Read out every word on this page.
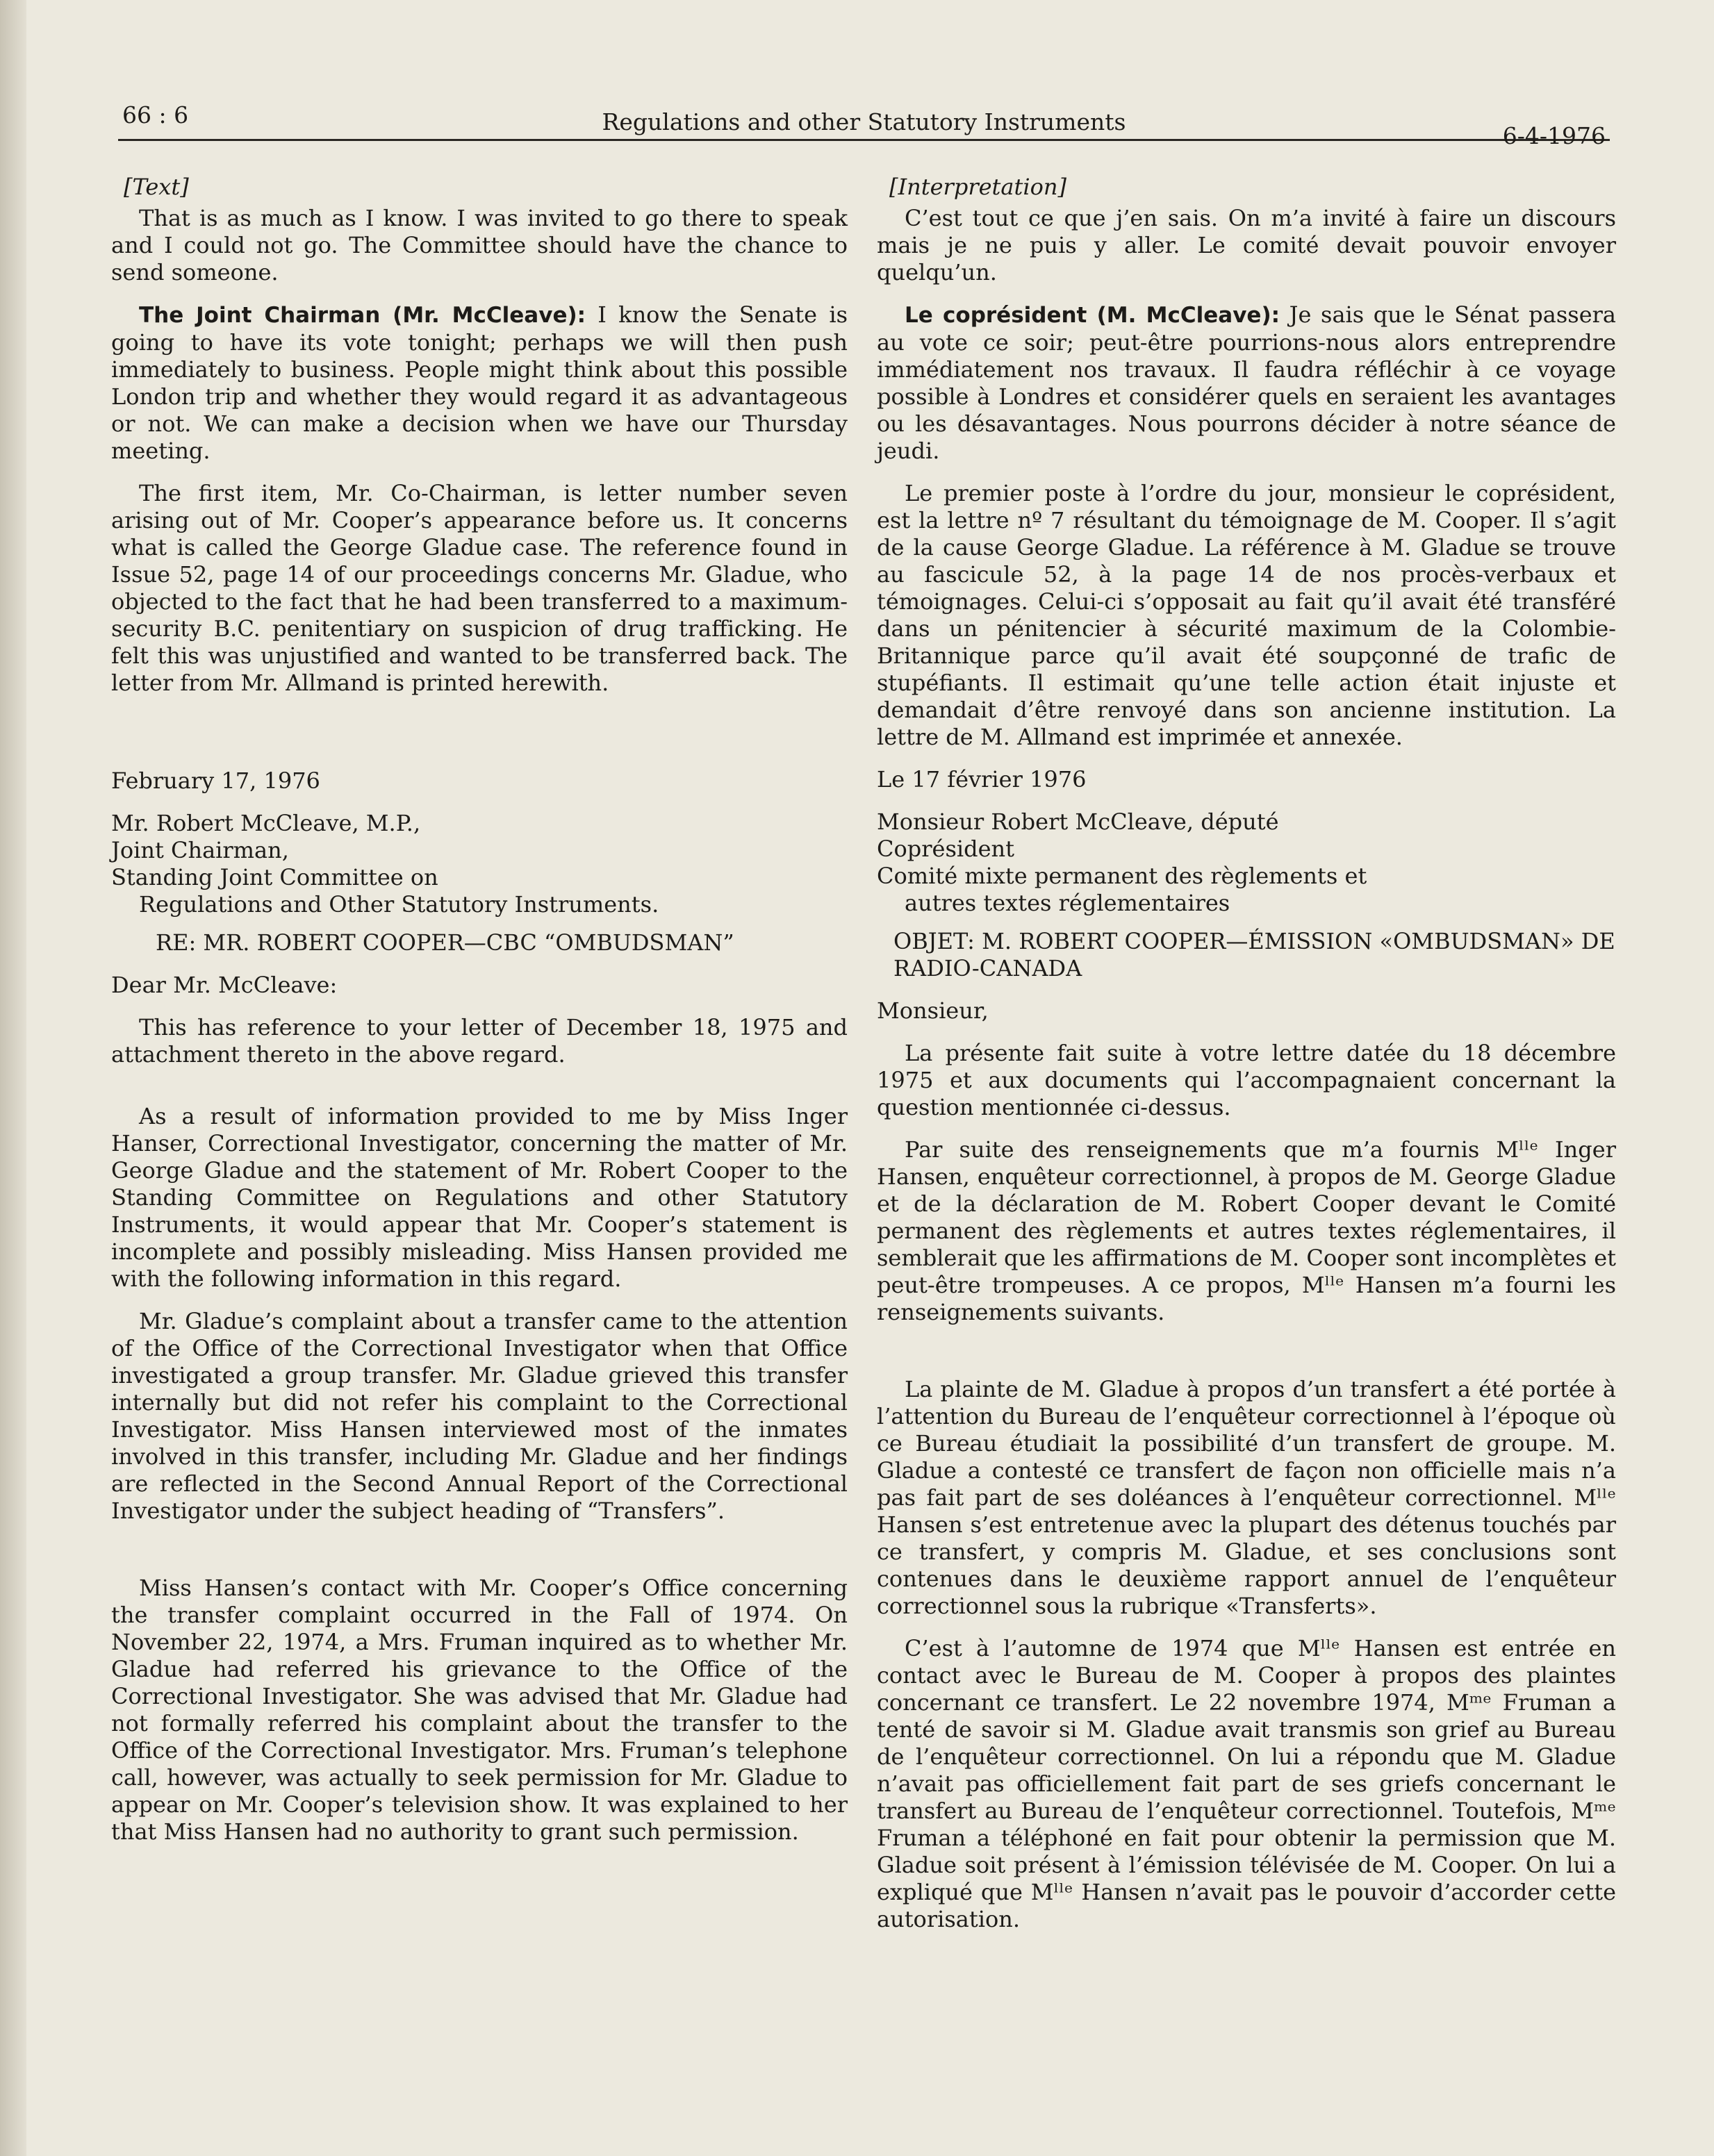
66 : 6	Regulations and other Statutory Instruments
6-4-1976
[Text]

That is as much as I know. I was invited to go there to speak and I could not go. The Committee should have the chance to send someone.

The Joint Chairman (Mr. McCleave): I know the Senate is going to have its vote tonight; perhaps we will then push immediately to business. People might think about this possible London trip and whether they would regard it as advantageous or not. We can make a decision when we have our Thursday meeting.

The first item, Mr. Co-Chairman, is letter number seven arising out of Mr. Cooper’s appearance before us. It concerns what is called the George Gladue case. The reference found in Issue 52, page 14 of our proceedings concerns Mr. Gladue, who objected to the fact that he had been transferred to a maximum-security B.C. penitentiary on suspicion of drug trafficking. He felt this was unjustified and wanted to be transferred back. The letter from Mr. Allmand is printed herewith.

February 17, 1976

Mr. Robert McCleave, M.P.,
Joint Chairman,
Standing Joint Committee on
Regulations and Other Statutory Instruments.
RE: MR. ROBERT COOPER—CBC “OMBUDSMAN”

Dear Mr. McCleave:

This has reference to your letter of December 18, 1975 and attachment thereto in the above regard.

As a result of information provided to me by Miss Inger Hanser, Correctional Investigator, concerning the matter of Mr. George Gladue and the statement of Mr. Robert Cooper to the Standing Committee on Regulations and other Statutory Instruments, it would appear that Mr. Cooper’s statement is incomplete and possibly misleading. Miss Hansen provided me with the following information in this regard.

Mr. Gladue’s complaint about a transfer came to the attention of the Office of the Correctional Investigator when that Office investigated a group transfer. Mr. Gladue grieved this transfer internally but did not refer his complaint to the Correctional Investigator. Miss Hansen interviewed most of the inmates involved in this transfer, including Mr. Gladue and her findings are reflected in the Second Annual Report of the Correctional Investigator under the subject heading of “Transfers”.

Miss Hansen’s contact with Mr. Cooper’s Office concerning the transfer complaint occurred in the Fall of 1974. On November 22, 1974, a Mrs. Fruman inquired as to whether Mr. Gladue had referred his grievance to the Office of the Correctional Investigator. She was advised that Mr. Gladue had not formally referred his complaint about the transfer to the Office of the Correctional Investigator. Mrs. Fruman’s telephone call, however, was actually to seek permission for Mr. Gladue to appear on Mr. Cooper’s television show. It was explained to her that Miss Hansen had no authority to grant such permission.

[Interpretation]

C’est tout ce que j’en sais. On m’a invité à faire un discours mais je ne puis y aller. Le comité devait pouvoir envoyer quelqu’un.

Le coprésident (M. McCleave): Je sais que le Sénat passera au vote ce soir; peut-être pourrions-nous alors entreprendre immédiatement nos travaux. Il faudra réfléchir à ce voyage possible à Londres et considérer quels en seraient les avantages ou les désavantages. Nous pourrons décider à notre séance de jeudi.

Le premier poste à l’ordre du jour, monsieur le coprésident, est la lettre nº 7 résultant du témoignage de M. Cooper. Il s’agit de la cause George Gladue. La référence à M. Gladue se trouve au fascicule 52, à la page 14 de nos procès-verbaux et témoignages. Celui-ci s’opposait au fait qu’il avait été transféré dans un pénitencier à sécurité maximum de la Colombie-Britannique parce qu’il avait été soupçonné de trafic de stupéfiants. Il estimait qu’une telle action était injuste et demandait d’être renvoyé dans son ancienne institution. La lettre de M. Allmand est imprimée et annexée.

Le 17 février 1976

Monsieur Robert McCleave, député
Coprésident
Comité mixte permanent des règlements et
autres textes réglementaires
OBJET: M. ROBERT COOPER—ÉMISSION «OMBUDSMAN» DE RADIO-CANADA

Monsieur,

La présente fait suite à votre lettre datée du 18 décembre 1975 et aux documents qui l’accompagnaient concernant la question mentionnée ci-dessus.

Par suite des renseignements que m’a fournis Mˡˡᵉ Inger Hansen, enquêteur correctionnel, à propos de M. George Gladue et de la déclaration de M. Robert Cooper devant le Comité permanent des règlements et autres textes réglementaires, il semblerait que les affirmations de M. Cooper sont incomplètes et peut-être trompeuses. A ce propos, Mˡˡᵉ Hansen m’a fourni les renseignements suivants.

La plainte de M. Gladue à propos d’un transfert a été portée à l’attention du Bureau de l’enquêteur correctionnel à l’époque où ce Bureau étudiait la possibilité d’un transfert de groupe. M. Gladue a contesté ce transfert de façon non officielle mais n’a pas fait part de ses doléances à l’enquêteur correctionnel. Mˡˡᵉ Hansen s’est entretenue avec la plupart des détenus touchés par ce transfert, y compris M. Gladue, et ses conclusions sont contenues dans le deuxième rapport annuel de l’enquêteur correctionnel sous la rubrique «Transferts».

C’est à l’automne de 1974 que Mˡˡᵉ Hansen est entrée en contact avec le Bureau de M. Cooper à propos des plaintes concernant ce transfert. Le 22 novembre 1974, Mᵐᵉ Fruman a tenté de savoir si M. Gladue avait transmis son grief au Bureau de l’enquêteur correctionnel. On lui a répondu que M. Gladue n’avait pas officiellement fait part de ses griefs concernant le transfert au Bureau de l’enquêteur correctionnel. Toutefois, Mᵐᵉ Fruman a téléphoné en fait pour obtenir la permission que M. Gladue soit présent à l’émission télévisée de M. Cooper. On lui a expliqué que Mˡˡᵉ Hansen n’avait pas le pouvoir d’accorder cette autorisation.
